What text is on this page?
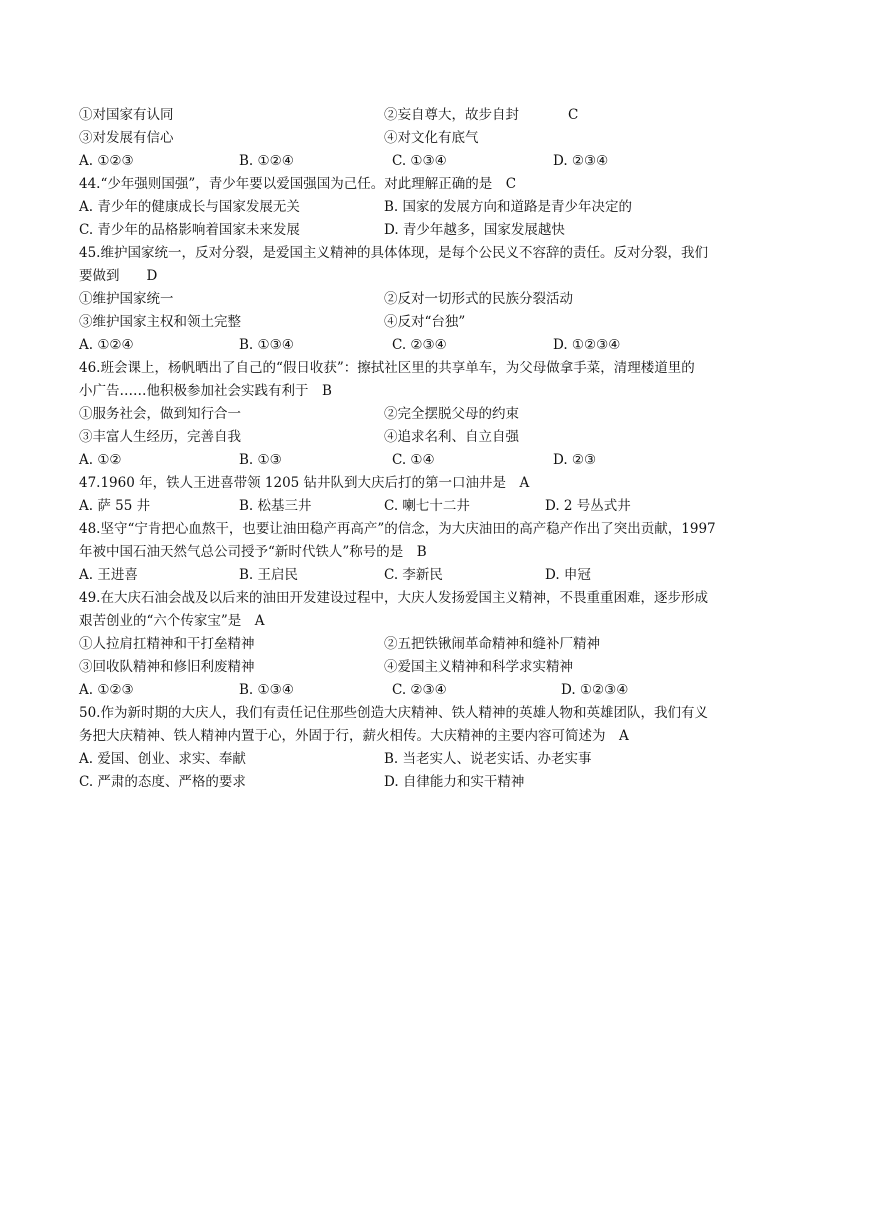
①对国家有认同	②妄自尊大，故步自封	C
③对发展有信心	④对文化有底气
A. ①②③	B. ①②④	C. ①③④	D. ②③④
44.“少年强则国强”，青少年要以爱国强国为己任。对此理解正确的是　C
A. 青少年的健康成长与国家发展无关	B. 国家的发展方向和道路是青少年决定的
C. 青少年的品格影响着国家未来发展	D. 青少年越多，国家发展越快
45.维护国家统一，反对分裂，是爱国主义精神的具体体现，是每个公民义不容辞的责任。反对分裂，我们
要做到　　D
①维护国家统一	②反对一切形式的民族分裂活动
③维护国家主权和领土完整	④反对“台独”
A. ①②④	B. ①③④	C. ②③④	D. ①②③④
46.班会课上，杨帆晒出了自己的“假日收获”：擦拭社区里的共享单车，为父母做拿手菜，清理楼道里的
小广告……他积极参加社会实践有利于　B
①服务社会，做到知行合一	②完全摆脱父母的约束
③丰富人生经历，完善自我	④追求名利、自立自强
A. ①②	B. ①③	C. ①④	D. ②③
47.1960 年，铁人王进喜带领 1205 钻井队到大庆后打的第一口油井是　A
A. 萨 55 井	B. 松基三井	C. 喇七十二井	D. 2 号丛式井
48.坚守“宁肯把心血熬干，也要让油田稳产再高产”的信念，为大庆油田的高产稳产作出了突出贡献，1997
年被中国石油天然气总公司授予“新时代铁人”称号的是　B
A. 王进喜	B. 王启民	C. 李新民	D. 申冠
49.在大庆石油会战及以后来的油田开发建设过程中，大庆人发扬爱国主义精神，不畏重重困难，逐步形成
艰苦创业的“六个传家宝”是　A
①人拉肩扛精神和干打垒精神	②五把铁锹闹革命精神和缝补厂精神
③回收队精神和修旧利废精神	④爱国主义精神和科学求实精神
A. ①②③	B. ①③④	C. ②③④	D. ①②③④
50.作为新时期的大庆人，我们有责任记住那些创造大庆精神、铁人精神的英雄人物和英雄团队，我们有义
务把大庆精神、铁人精神内置于心，外固于行，薪火相传。大庆精神的主要内容可简述为　A
A. 爱国、创业、求实、奉献	B. 当老实人、说老实话、办老实事
C. 严肃的态度、严格的要求	D. 自律能力和实干精神
